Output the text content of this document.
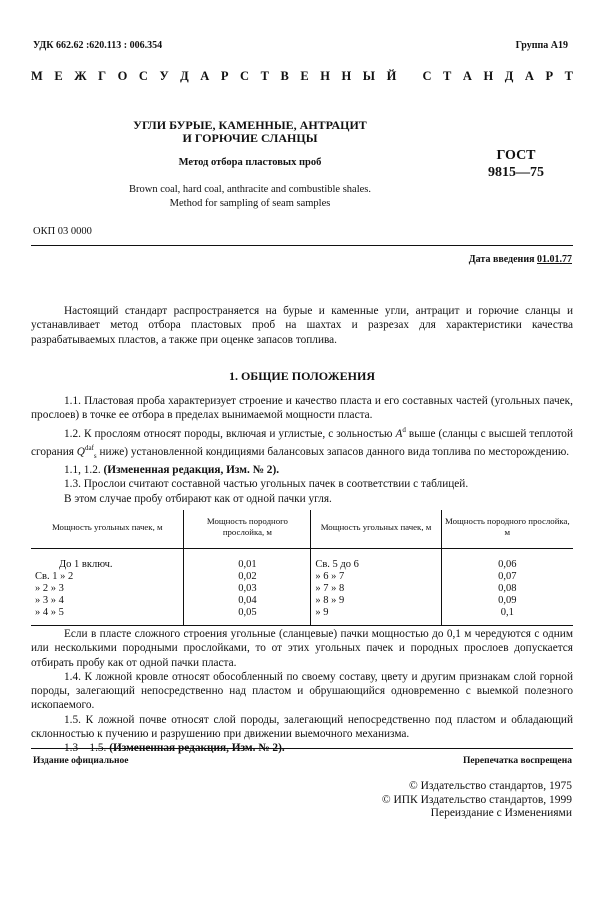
УДК 662.62 :620.113 : 006.354	Группа А19
М Е Ж Г О С У Д А Р С Т В Е Н Н Ы Й
С Т А Н Д А Р Т
УГЛИ БУРЫЕ, КАМЕННЫЕ, АНТРАЦИТ
И ГОРЮЧИЕ СЛАНЦЫ
Метод отбора пластовых проб	ГОСТ
9815—75
Brown coal, hard coal, anthracite and combustible shales.
Method for sampling of seam samples
ОКП 03 0000
Дата введения 01.01.77

Настоящий стандарт распространяется на бурые и каменные угли, антрацит и горючие сланцы и устанавливает метод отбора пластовых проб на шахтах и разрезах для характеристики качества разрабатываемых пластов, а также при оценке запасов топлива.

1. ОБЩИЕ ПОЛОЖЕНИЯ

1.1. Пластовая проба характеризует строение и качество пласта и его составных частей (угольных пачек, прослоев) в точке ее отбора в пределах вынимаемой мощности пласта.

1.2. К прослоям относят породы, включая и углистые, с зольностью $A^d$ выше (сланцы с высшей теплотой сгорания $Q^{daf}_s$ ниже) установленной кондициями балансовых запасов данного вида топлива по месторождению.

1.1, 1.2. (Измененная редакция, Изм. № 2).

1.3. Прослои считают составной частью угольных пачек в соответствии с таблицей.

В этом случае пробу отбирают как от одной пачки угля.

Мощность угольных пачек, м	Мощность породного прослойка, м	Мощность угольных пачек, м	Мощность породного прослойка, м

До 1 включ.	0,01	Св. 5 до 6	0,06
Св. 1 » 2	0,02	» 6 » 7	0,07
» 2 » 3	0,03	» 7 » 8	0,08
» 3 » 4	0,04	» 8 » 9	0,09
» 4 » 5	0,05	» 9	0,1

Если в пласте сложного строения угольные (сланцевые) пачки мощностью до 0,1 м чередуются с одним или несколькими породными прослойками, то от этих угольных пачек и породных прослоев допускается отбирать пробу как от одной пачки пласта.

1.4. К ложной кровле относят обособленный по своему составу, цвету и другим признакам слой горной породы, залегающий непосредственно над пластом и обрушающийся одновременно с выемкой полезного ископаемого.

1.5. К ложной почве относят слой породы, залегающий непосредственно под пластом и обладающий склонностью к пучению и разрушению при движении выемочного механизма.

1.3—1.5. (Измененная редакция, Изм. № 2).

Издание официальное	Перепечатка воспрещена
© Издательство стандартов, 1975
© ИПК Издательство стандартов, 1999
Переиздание с Изменениями
